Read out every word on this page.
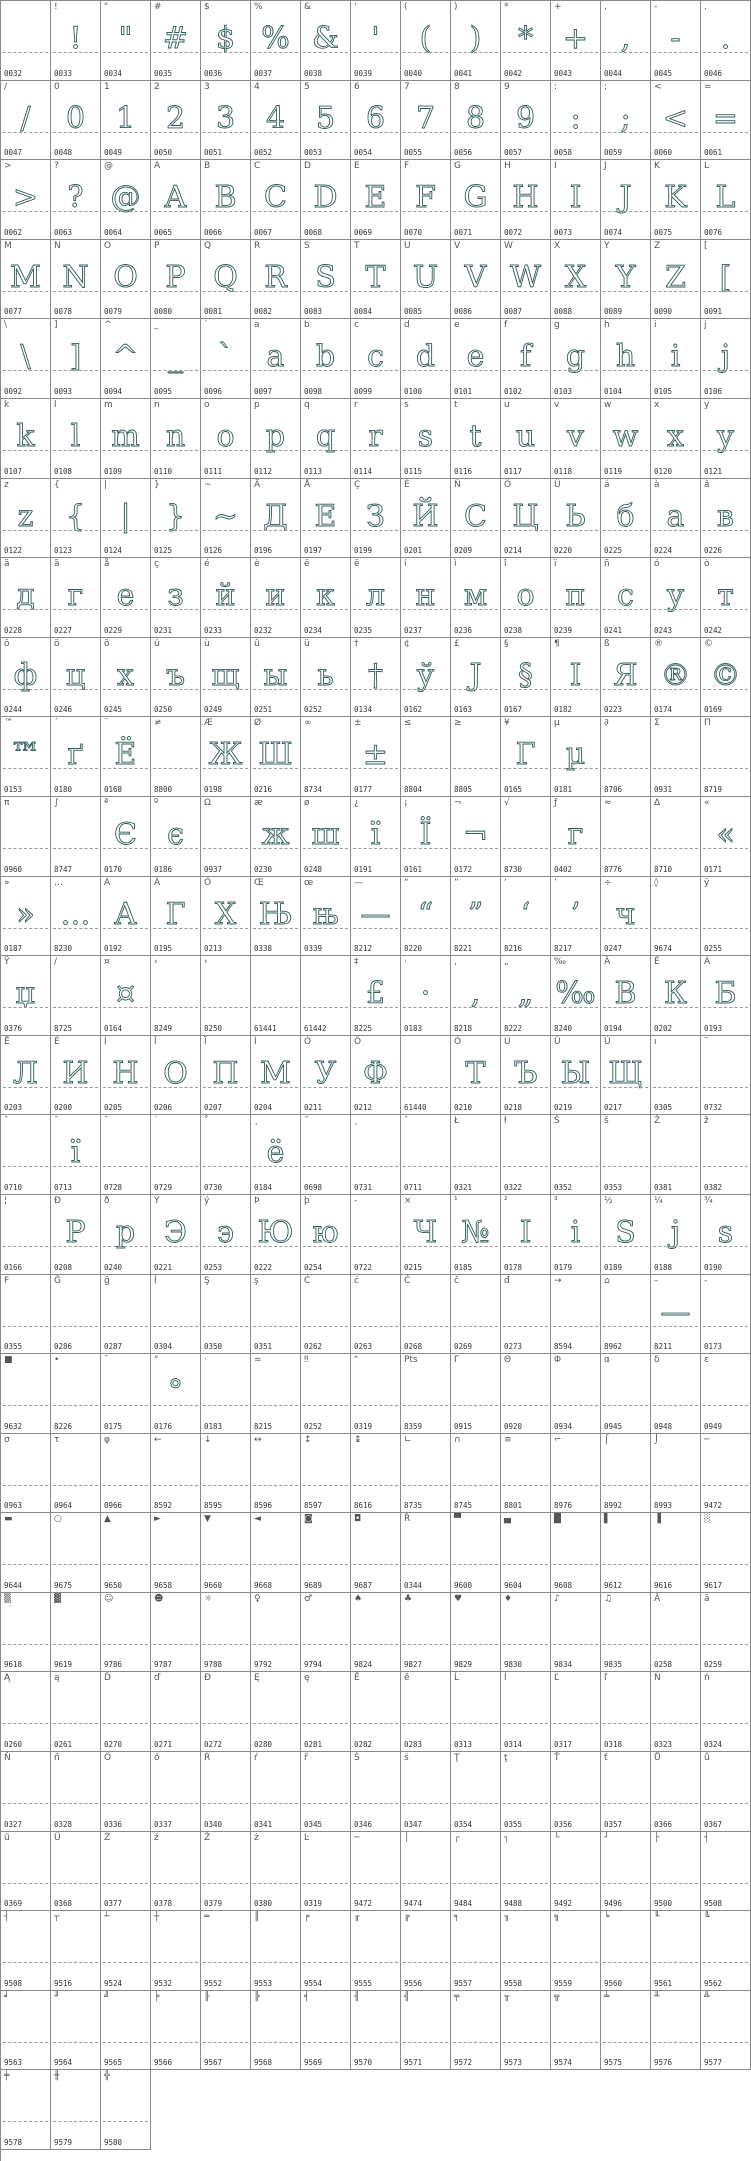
0032
!
!
0033
"
"
0034
#
#
0035
$
$
0036
%
%
0037
&
&
0038
'
'
0039
(
(
0040
)
)
0041
*
*
0042
+
+
0043
,
,
0044
-
-
0045
.
.
0046
/
/
0047
0
0
0048
1
1
0049
2
2
0050
3
3
0051
4
4
0052
5
5
0053
6
6
0054
7
7
0055
8
8
0056
9
9
0057
:
:
0058
;
;
0059
<
<
0060
=
=
0061
>
>
0062
?
?
0063
@
@
0064
A
A
0065
B
B
0066
C
C
0067
D
D
0068
E
E
0069
F
F
0070
G
G
0071
H
H
0072
I
I
0073
J
J
0074
K
K
0075
L
L
0076
M
M
0077
N
N
0078
O
O
0079
P
P
0080
Q
Q
0081
R
R
0082
S
S
0083
T
T
0084
U
U
0085
V
V
0086
W
W
0087
X
X
0088
Y
Y
0089
Z
Z
0090
[
[
0091
\
\
0092
]
]
0093
^
^
0094
_
_
0095
`
`
0096
a
a
0097
b
b
0098
c
c
0099
d
d
0100
e
e
0101
f
f
0102
g
g
0103
h
h
0104
i
i
0105
j
j
0106
k
k
0107
l
l
0108
m
m
0109
n
n
0110
o
o
0111
p
p
0112
q
q
0113
r
r
0114
s
s
0115
t
t
0116
u
u
0117
v
v
0118
w
w
0119
x
x
0120
y
y
0121
z
z
0122
{
{
0123
|
|
0124
}
}
0125
~
~
0126
Ä
Д
0196
Å
Е
0197
Ç
З
0199
É
Й
0201
Ñ
С
0209
Ö
Ц
0214
Ü
Ь
0220
á
б
0225
à
а
0224
â
в
0226
ä
д
0228
ã
г
0227
å
е
0229
ç
з
0231
é
й
0233
è
и
0232
ê
к
0234
ë
л
0235
í
н
0237
ì
м
0236
î
о
0238
ï
п
0239
ñ
с
0241
ó
у
0243
ò
т
0242
ô
ф
0244
ö
ц
0246
õ
х
0245
ú
ъ
0250
ù
щ
0249
û
ы
0251
ü
ь
0252
†
†
0134
¢
ў
0162
£
Ј
0163
§
§
0167
¶
І
0182
ß
Я
0223
®
®
0174
©
©
0169
™
™
0153
´
ґ
0180
¨
Ё
0168
≠
8800
Æ
Ж
0198
Ø
Ш
0216
∞
8734
±
±
0177
≤
8804
≥
8805
¥
Г
0165
µ
µ
0181
∂
8706
Σ
0931
Π
8719
π
0960
∫
8747
ª
Є
0170
º
є
0186
Ω
0937
æ
ж
0230
ø
ш
0248
¿
ї
0191
¡
Ї
0161
¬
¬
0172
√
8730
ƒ
г
0402
≈
8776
∆
8710
«
«
0171
»
»
0187
…
…
8230
À
А
0192
Ã
Г
0195
Õ
Х
0213
Œ
Њ
0338
œ
њ
0339
—
—
8212
“
“
8220
”
”
8221
‘
‘
8216
’
’
8217
÷
ч
0247
◊
9674
ÿ
0255
Ÿ
џ
0376
/
8725
¤
¤
0164
‹
8249
›
8250	61441	61442
‡
£
8225
·
·
0183
‚
,
8218
„
„
8222
‰
‰
8240
Â
В
0194
Ê
К
0202
Á
Б
0193
Ë
Л
0203
È
И
0200
Í
Н
0205
Î
О
0206
Ï
П
0207
Ì
М
0204
Ó
У
0211
Ô
Ф
0212	61440
Ò
Т
0210
Ú
Ъ
0218
Û
Ы
0219
Ù
Щ
0217
ı
0305
˜
0732
ˆ
0710
¯
ї
0713
˘
0728
˙
0729
˚
0730
¸
ё
0184
˝
0698
˛
0731
ˇ
0711
Ł
0321
ł
0322
Š
0352
š
0353
Ž
0381
ž
0382
¦
0166
Ð
Р
0208
ð
р
0240
Ý
Э
0221
ý
э
0253
Þ
Ю
0222
þ
ю
0254
-
0722
×
Ч
0215
¹
№
0185
²
І
0178
³
і
0179
½
Ѕ
0189
¼
ј
0188
¾
ѕ
0190
F
0355
Ğ
0286
ğ
0287
İ
0304
Ş
0350
ş
0351
Ć
0262
ć
0263
Č
0268
č
0269
đ
0273
→
8594
⌂
8962
–
—
8211
-
0173
■
9632
•
8226
¯
0175
°
°
0176
·
0183
=
8215
‼
0252
"
0319
Pts
8359
Γ
0915
Θ
0920
Φ
0934
α
0945
δ
0948
ε
0949
σ
0963
τ
0964
φ
0966
←
8592
↓
8595
↔
8596
↕
8597
↨
8616
∟
8735
∩
8745
≡
8801
⌐
8976
⌠
8992
⌡
8993
─
9472
▬
9644
○
9675
▲
9650
►
9658
▼
9660
◄
9668
◙
9689
◘
9687
Ř
0344
▀
9600
▄
9604
█
9608
▌
9612
▐
9616
░
9617
▒
9618
▓
9619
☺
9786
☻
9787
☼
9788
♀
9792
♂
9794
♠
9824
♣
9827
♥
9829
♦
9830
♪
9834
♫
9835
Ă
0258
ă
0259
Ą
0260
ą
0261
Ď
0270
ď
0271
Đ
0272
Ę
0280
ę
0281
Ě
0282
ě
0283
Ĺ
0313
ĺ
0314
Ľ
0317
ľ
0318
Ń
0323
ń
0324
Ň
0327
ň
0328
Ő
0336
ő
0337
Ŕ
0340
ŕ
0341
ř
0345
Ś
0346
ś
0347
Ţ
0354
ţ
0355
Ť
0356
ť
0357
Ů
0366
ů
0367
ű
0369
Ű
0368
Ź
0377
ź
0378
Ż
0379
ż
0380
Ŀ
0319
─
9472
│
9474
┌
9484
┐
9488
└
9492
┘
9496
├
9500
┤
9508
┤
9508
┬
9516
┴
9524
┼
9532
═
9552
║
9553
╒
9554
╓
9555
╔
9556
╕
9557
╖
9558
╗
9559
╘
9560
╙
9561
╚
9562
╛
9563
╜
9564
╝
9565
╞
9566
╟
9567
╠
9568
╡
9569
╢
9570
╣
9571
╤
9572
╥
9573
╦
9574
╧
9575
╨
9576
╩
9577
╪
9578
╫
9579
╬
9580
